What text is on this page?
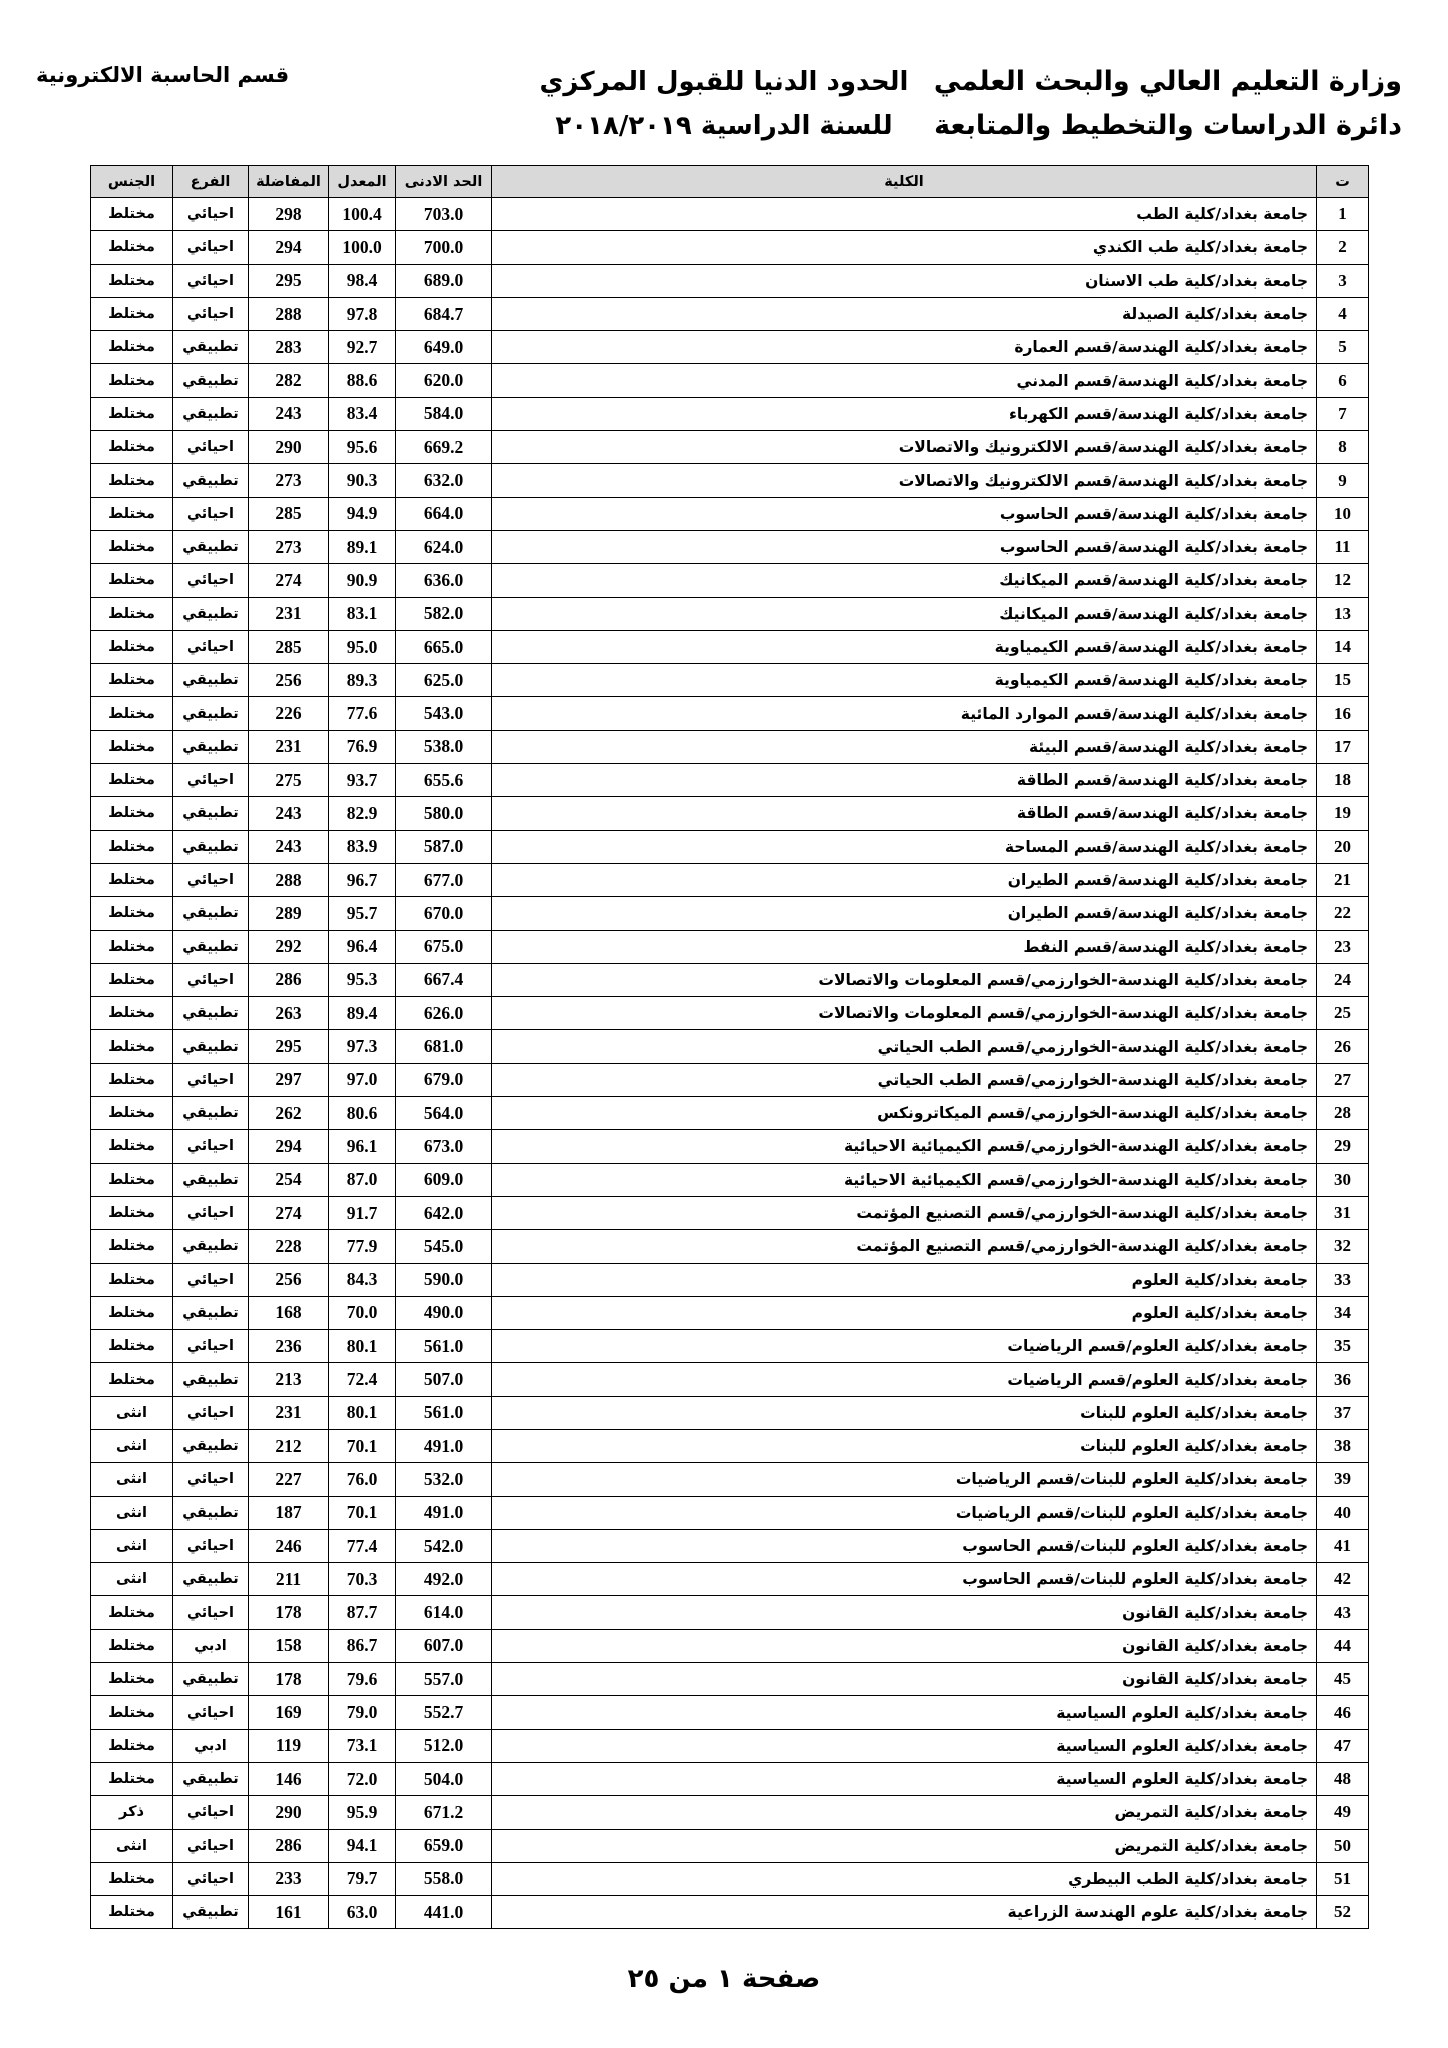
وزارة التعليم العالي والبحث العلمي
دائرة الدراسات والتخطيط والمتابعة
الحدود الدنيا للقبول المركزي
للسنة الدراسية ٢٠١٨/٢٠١٩
قسم الحاسبة الالكترونية
ت	الكلية	الحد الادنى	المعدل	المفاضلة	الفرع	الجنس
1	جامعة بغداد/كلية الطب	703.0	100.4	298	احيائي	مختلط
2	جامعة بغداد/كلية طب الكندي	700.0	100.0	294	احيائي	مختلط
3	جامعة بغداد/كلية طب الاسنان	689.0	98.4	295	احيائي	مختلط
4	جامعة بغداد/كلية الصيدلة	684.7	97.8	288	احيائي	مختلط
5	جامعة بغداد/كلية الهندسة/قسم العمارة	649.0	92.7	283	تطبيقي	مختلط
6	جامعة بغداد/كلية الهندسة/قسم المدني	620.0	88.6	282	تطبيقي	مختلط
7	جامعة بغداد/كلية الهندسة/قسم الكهرباء	584.0	83.4	243	تطبيقي	مختلط
8	جامعة بغداد/كلية الهندسة/قسم الالكترونيك والاتصالات	669.2	95.6	290	احيائي	مختلط
9	جامعة بغداد/كلية الهندسة/قسم الالكترونيك والاتصالات	632.0	90.3	273	تطبيقي	مختلط
10	جامعة بغداد/كلية الهندسة/قسم الحاسوب	664.0	94.9	285	احيائي	مختلط
11	جامعة بغداد/كلية الهندسة/قسم الحاسوب	624.0	89.1	273	تطبيقي	مختلط
12	جامعة بغداد/كلية الهندسة/قسم الميكانيك	636.0	90.9	274	احيائي	مختلط
13	جامعة بغداد/كلية الهندسة/قسم الميكانيك	582.0	83.1	231	تطبيقي	مختلط
14	جامعة بغداد/كلية الهندسة/قسم الكيمياوية	665.0	95.0	285	احيائي	مختلط
15	جامعة بغداد/كلية الهندسة/قسم الكيمياوية	625.0	89.3	256	تطبيقي	مختلط
16	جامعة بغداد/كلية الهندسة/قسم الموارد المائية	543.0	77.6	226	تطبيقي	مختلط
17	جامعة بغداد/كلية الهندسة/قسم البيئة	538.0	76.9	231	تطبيقي	مختلط
18	جامعة بغداد/كلية الهندسة/قسم الطاقة	655.6	93.7	275	احيائي	مختلط
19	جامعة بغداد/كلية الهندسة/قسم الطاقة	580.0	82.9	243	تطبيقي	مختلط
20	جامعة بغداد/كلية الهندسة/قسم المساحة	587.0	83.9	243	تطبيقي	مختلط
21	جامعة بغداد/كلية الهندسة/قسم الطيران	677.0	96.7	288	احيائي	مختلط
22	جامعة بغداد/كلية الهندسة/قسم الطيران	670.0	95.7	289	تطبيقي	مختلط
23	جامعة بغداد/كلية الهندسة/قسم النفط	675.0	96.4	292	تطبيقي	مختلط
24	جامعة بغداد/كلية الهندسة-الخوارزمي/قسم المعلومات والاتصالات	667.4	95.3	286	احيائي	مختلط
25	جامعة بغداد/كلية الهندسة-الخوارزمي/قسم المعلومات والاتصالات	626.0	89.4	263	تطبيقي	مختلط
26	جامعة بغداد/كلية الهندسة-الخوارزمي/قسم الطب الحياتي	681.0	97.3	295	تطبيقي	مختلط
27	جامعة بغداد/كلية الهندسة-الخوارزمي/قسم الطب الحياتي	679.0	97.0	297	احيائي	مختلط
28	جامعة بغداد/كلية الهندسة-الخوارزمي/قسم الميكاترونكس	564.0	80.6	262	تطبيقي	مختلط
29	جامعة بغداد/كلية الهندسة-الخوارزمي/قسم الكيميائية الاحيائية	673.0	96.1	294	احيائي	مختلط
30	جامعة بغداد/كلية الهندسة-الخوارزمي/قسم الكيميائية الاحيائية	609.0	87.0	254	تطبيقي	مختلط
31	جامعة بغداد/كلية الهندسة-الخوارزمي/قسم التصنيع المؤتمت	642.0	91.7	274	احيائي	مختلط
32	جامعة بغداد/كلية الهندسة-الخوارزمي/قسم التصنيع المؤتمت	545.0	77.9	228	تطبيقي	مختلط
33	جامعة بغداد/كلية العلوم	590.0	84.3	256	احيائي	مختلط
34	جامعة بغداد/كلية العلوم	490.0	70.0	168	تطبيقي	مختلط
35	جامعة بغداد/كلية العلوم/قسم الرياضيات	561.0	80.1	236	احيائي	مختلط
36	جامعة بغداد/كلية العلوم/قسم الرياضيات	507.0	72.4	213	تطبيقي	مختلط
37	جامعة بغداد/كلية العلوم للبنات	561.0	80.1	231	احيائي	انثى
38	جامعة بغداد/كلية العلوم للبنات	491.0	70.1	212	تطبيقي	انثى
39	جامعة بغداد/كلية العلوم للبنات/قسم الرياضيات	532.0	76.0	227	احيائي	انثى
40	جامعة بغداد/كلية العلوم للبنات/قسم الرياضيات	491.0	70.1	187	تطبيقي	انثى
41	جامعة بغداد/كلية العلوم للبنات/قسم الحاسوب	542.0	77.4	246	احيائي	انثى
42	جامعة بغداد/كلية العلوم للبنات/قسم الحاسوب	492.0	70.3	211	تطبيقي	انثى
43	جامعة بغداد/كلية القانون	614.0	87.7	178	احيائي	مختلط
44	جامعة بغداد/كلية القانون	607.0	86.7	158	ادبي	مختلط
45	جامعة بغداد/كلية القانون	557.0	79.6	178	تطبيقي	مختلط
46	جامعة بغداد/كلية العلوم السياسية	552.7	79.0	169	احيائي	مختلط
47	جامعة بغداد/كلية العلوم السياسية	512.0	73.1	119	ادبي	مختلط
48	جامعة بغداد/كلية العلوم السياسية	504.0	72.0	146	تطبيقي	مختلط
49	جامعة بغداد/كلية التمريض	671.2	95.9	290	احيائي	ذكر
50	جامعة بغداد/كلية التمريض	659.0	94.1	286	احيائي	انثى
51	جامعة بغداد/كلية الطب البيطري	558.0	79.7	233	احيائي	مختلط
52	جامعة بغداد/كلية علوم الهندسة الزراعية	441.0	63.0	161	تطبيقي	مختلط
صفحة ١ من ٢٥
